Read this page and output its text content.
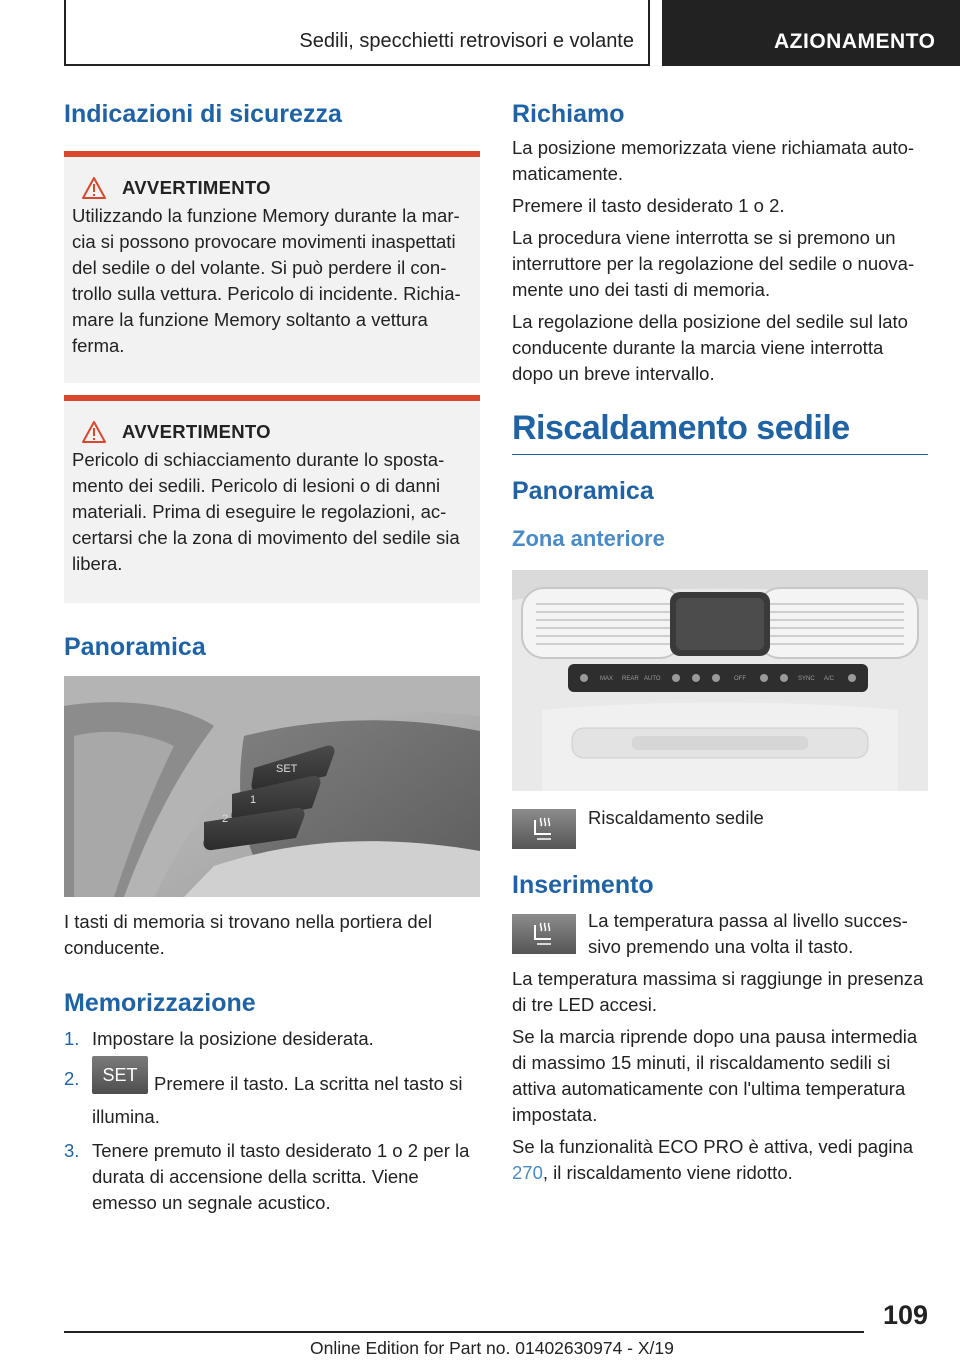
Sedili, specchietti retrovisori e volante	AZIONAMENTO
Indicazioni di sicurezza
AVVERTIMENTO

Utilizzando la funzione Memory durante la marcia si possono provocare movimenti inaspettati del sedile o del volante. Si può perdere il controllo sulla vettura. Pericolo di incidente. Richiamare la funzione Memory soltanto a vettura ferma.

AVVERTIMENTO

Pericolo di schiacciamento durante lo spostamento dei sedili. Pericolo di lesioni o di danni materiali. Prima di eseguire le regolazioni, accertarsi che la zona di movimento del sedile sia libera.

Panoramica
SET
1
2

I tasti di memoria si trovano nella portiera del conducente.

Memorizzazione
1. Impostare la posizione desiderata.
2.	SET Premere il tasto. La scritta nel tasto si illumina.
3. Tenere premuto il tasto desiderato 1 o 2 per la durata di accensione della scritta. Viene emesso un segnale acustico.
Richiamo

La posizione memorizzata viene richiamata automaticamente.

Premere il tasto desiderato 1 o 2.

La procedura viene interrotta se si premono un interruttore per la regolazione del sedile o nuovamente uno dei tasti di memoria.

La regolazione della posizione del sedile sul lato conducente durante la marcia viene interrotta dopo un breve intervallo.

Riscaldamento sedile
Panoramica
Zona anteriore
MAX REAR AUTO	OFF	SYNC A/C
Riscaldamento sedile
Inserimento

La temperatura passa al livello successivo premendo una volta il tasto.

La temperatura massima si raggiunge in presenza di tre LED accesi.

Se la marcia riprende dopo una pausa intermedia di massimo 15 minuti, il riscaldamento sedili si attiva automaticamente con l'ultima temperatura impostata.

Se la funzionalità ECO PRO è attiva, vedi pagina 270, il riscaldamento viene ridotto.

109
Online Edition for Part no. 01402630974 - X/19
